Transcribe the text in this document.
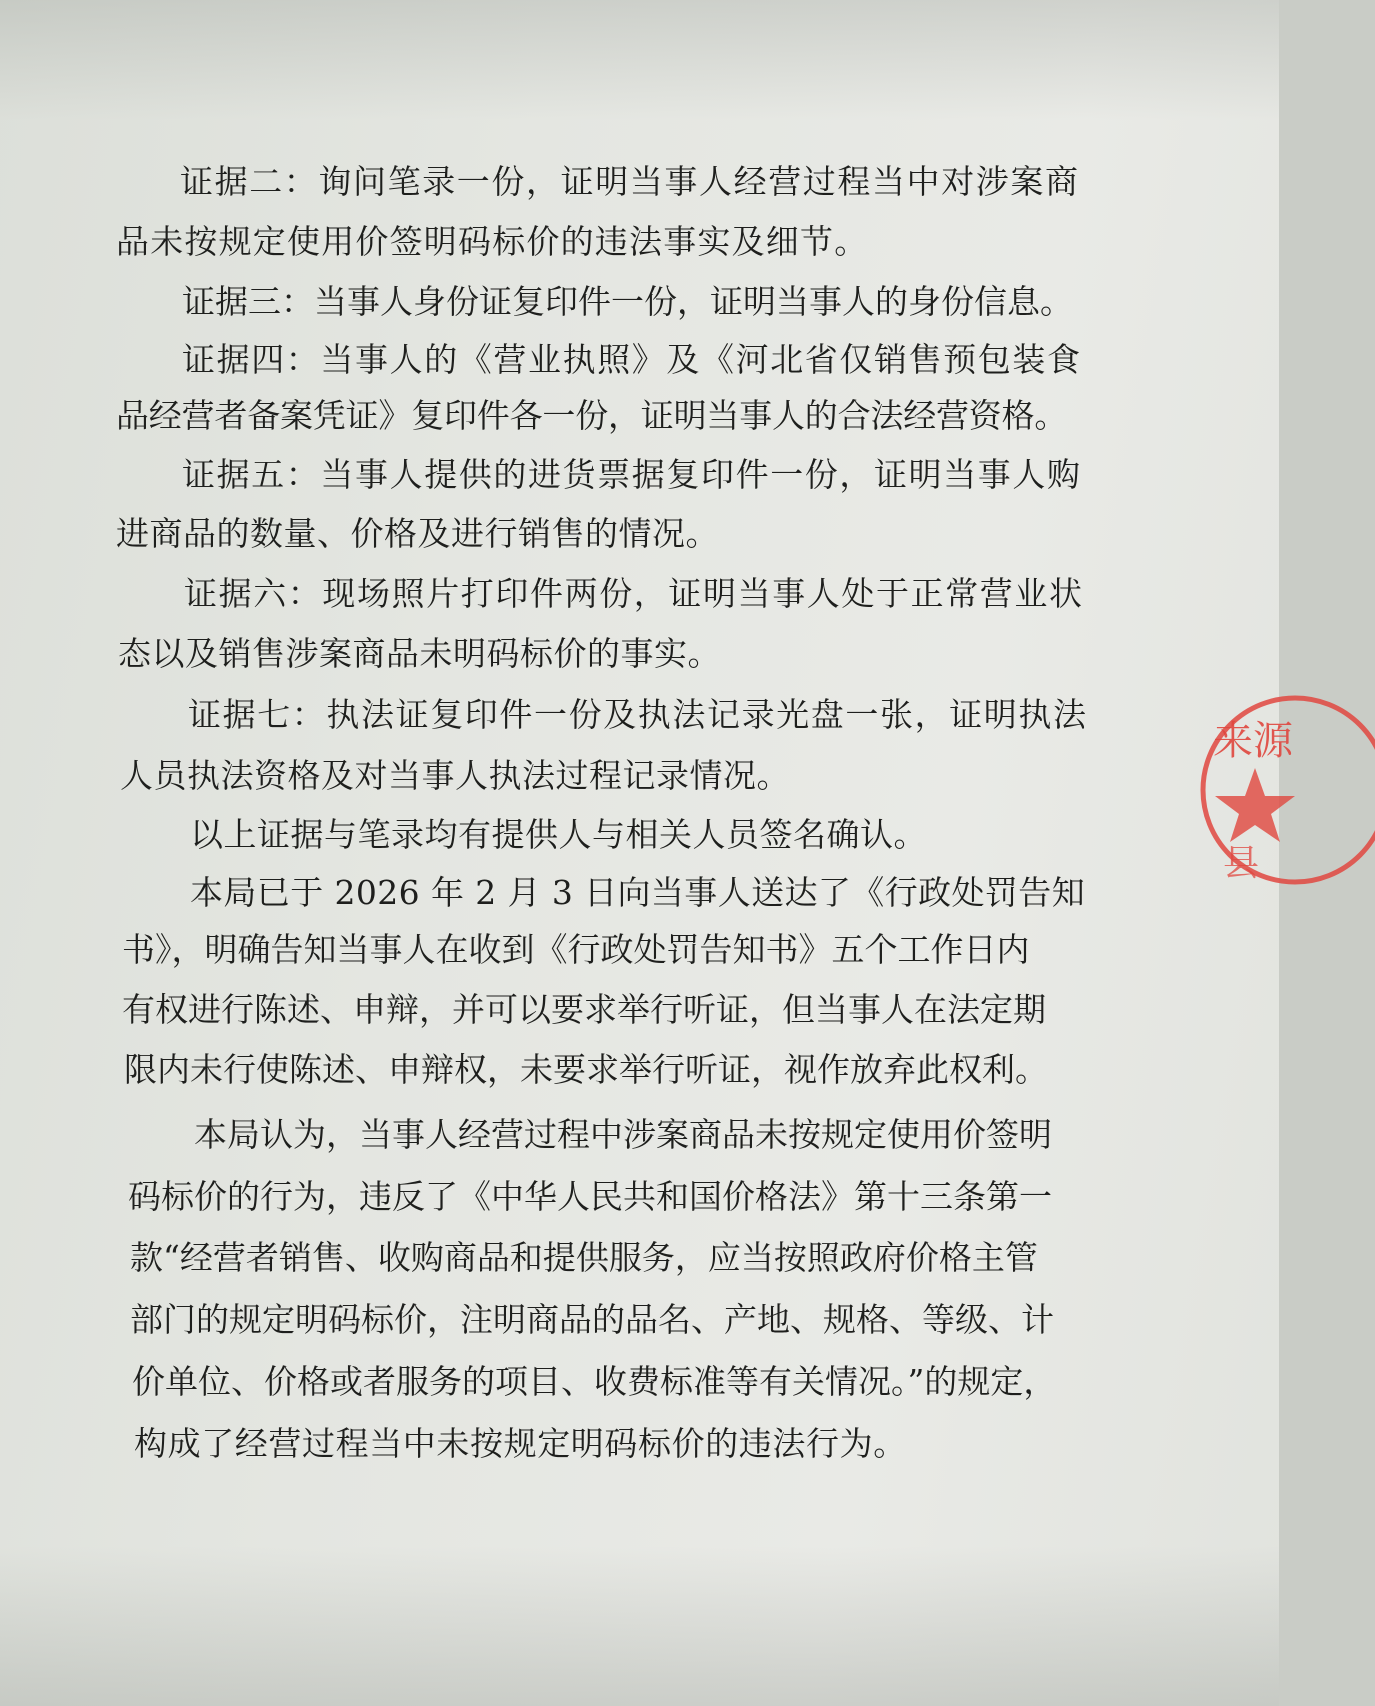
证据二：询问笔录一份，证明当事人经营过程当中对涉案商
品未按规定使用价签明码标价的违法事实及细节。
证据三：当事人身份证复印件一份，证明当事人的身份信息。
证据四：当事人的《营业执照》及《河北省仅销售预包装食
品经营者备案凭证》复印件各一份，证明当事人的合法经营资格。
证据五：当事人提供的进货票据复印件一份，证明当事人购
进商品的数量、价格及进行销售的情况。
证据六：现场照片打印件两份，证明当事人处于正常营业状
态以及销售涉案商品未明码标价的事实。
证据七：执法证复印件一份及执法记录光盘一张，证明执法
人员执法资格及对当事人执法过程记录情况。
以上证据与笔录均有提供人与相关人员签名确认。
本局已于 2026 年 2 月 3 日向当事人送达了《行政处罚告知
书》，明确告知当事人在收到《行政处罚告知书》五个工作日内
有权进行陈述、申辩，并可以要求举行听证，但当事人在法定期
限内未行使陈述、申辩权，未要求举行听证，视作放弃此权利。
本局认为，当事人经营过程中涉案商品未按规定使用价签明
码标价的行为，违反了《中华人民共和国价格法》第十三条第一
款“经营者销售、收购商品和提供服务，应当按照政府价格主管
部门的规定明码标价，注明商品的品名、产地、规格、等级、计
价单位、价格或者服务的项目、收费标准等有关情况。”的规定，
构成了经营过程当中未按规定明码标价的违法行为。
来源
县
